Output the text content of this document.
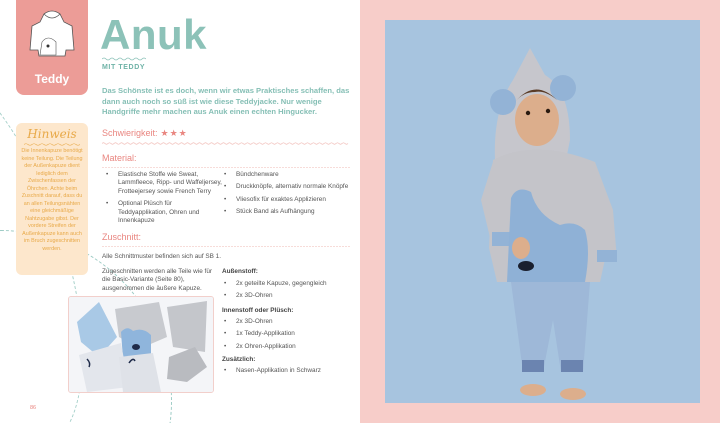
Teddy
Anuk
MIT TEDDY
Das Schönste ist es doch, wenn wir etwas Praktisches schaffen, das dann auch noch so süß ist wie diese Teddyjacke. Nur wenige Handgriffe mehr machen aus Anuk einen echten Hingucker.
Schwierigkeit: ★★★
Material:
• Elastische Stoffe wie Sweat, Lammfleece, Ripp- und Waffeljersey, Frotteejersey sowie French Terry
• Optional Plüsch für Teddyapplikation, Ohren und Innenkapuze
• Bündchenware
• Druckknöpfe, alternativ normale Knöpfe
• Vliesofix für exaktes Applizieren
• Stück Band als Aufhängung
Zuschnitt:
Alle Schnittmuster befinden sich auf SB 1.
Zugeschnitten werden alle Teile wie für die Basic-Variante (Seite 80), ausgenommen die äußere Kapuze.
Außenstoff:
• 2x geteilte Kapuze, gegengleich
• 2x 3D-Ohren
Innenstoff oder Plüsch:
• 2x 3D-Ohren
• 1x Teddy-Applikation
• 2x Ohren-Applikation
Zusätzlich:
• Nasen-Applikation in Schwarz
Hinweis
Die Innenkapuze benötigt keine Teilung. Die Teilung der Außenkapuze dient lediglich dem Zwischenfassen der Öhrchen. Achte beim Zuschnitt darauf, dass du an allen Teilungsnähten eine gleichmäßige Nahtzugabe gibst. Der vordere Streifen der Außenkapuze kann auch im Bruch zugeschnitten werden.
86
